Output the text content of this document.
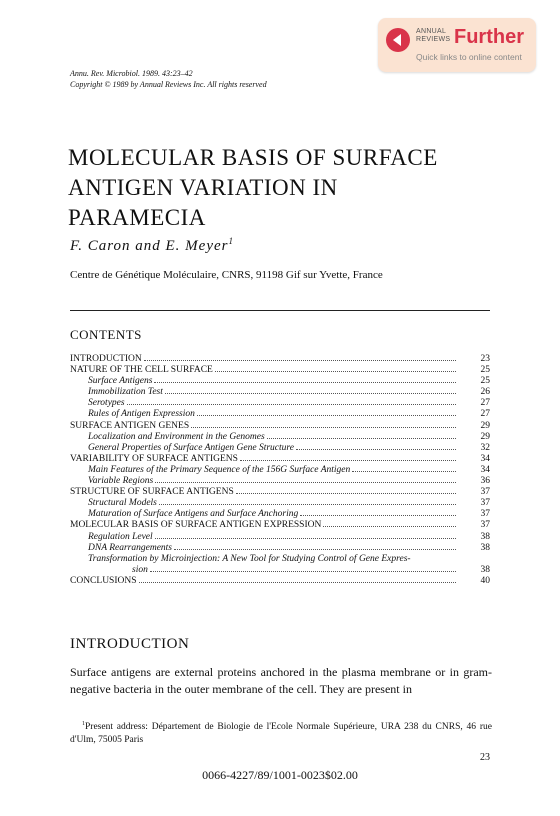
ANNUAL
REVIEWS Further
Quick links to online content
Annu. Rev. Microbiol. 1989. 43:23–42
Copyright © 1989 by Annual Reviews Inc. All rights reserved
MOLECULAR BASIS OF SURFACE
ANTIGEN VARIATION IN
PARAMECIA
F. Caron and E. Meyer$^1$
Centre de Génétique Moléculaire, CNRS, 91198 Gif sur Yvette, France
CONTENTS
INTRODUCTION	23
NATURE OF THE CELL SURFACE	25
Surface Antigens	25
Immobilization Test	26
Serotypes	27
Rules of Antigen Expression	27
SURFACE ANTIGEN GENES	29
Localization and Environment in the Genomes	29
General Properties of Surface Antigen Gene Structure	32
VARIABILITY OF SURFACE ANTIGENS	34
Main Features of the Primary Sequence of the 156G Surface Antigen	34
Variable Regions	36
STRUCTURE OF SURFACE ANTIGENS	37
Structural Models	37
Maturation of Surface Antigens and Surface Anchoring	37
MOLECULAR BASIS OF SURFACE ANTIGEN EXPRESSION	37
Regulation Level	38
DNA Rearrangements	38
Transformation by Microinjection: A New Tool for Studying Control of Gene Expres-
sion	38
CONCLUSIONS	40
INTRODUCTION
Surface antigens are external proteins anchored in the plasma membrane or in gram-negative bacteria in the outer membrane of the cell. They are present in
$^1$Present address: Département de Biologie de l'Ecole Normale Supérieure, URA 238 du CNRS, 46 rue d'Ulm, 75005 Paris
23
0066-4227/89/1001-0023$02.00
